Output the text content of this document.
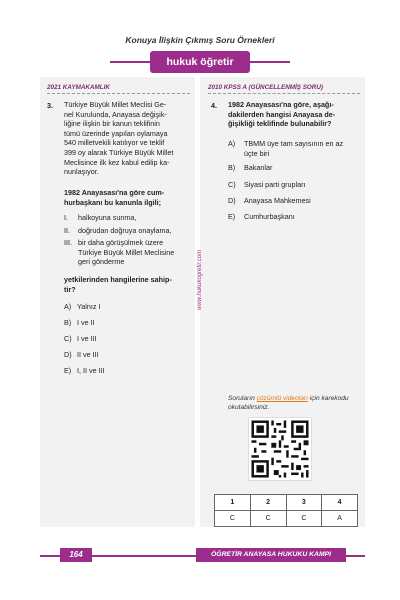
Konuya İlişkin Çıkmış Soru Örnekleri
hukuk öğretir
2021 KAYMAKAMLIK
3. Türkiye Büyük Millet Meclisi Ge-
nel Kurulunda, Anayasa değişik-
liğine ilişkin bir kanun teklifinin
tümü üzerinde yapılan oylamaya
540 milletvekili katılıyor ve teklif
399 oy alarak Türkiye Büyük Millet
Meclisince ilk kez kabul edilip ka-
nunlaşıyor.
1982 Anayasası'na göre cum-
hurbaşkanı bu kanunla ilgili;
I. halkoyuna sunma,
II. doğrudan doğruya onaylama,
III. bir daha görüşülmek üzere Türkiye Büyük Millet Meclisine geri gönderme
yetkilerinden hangilerine sahip-
tir?
A) Yalnız I
B) I ve II
C) I ve III
D) II ve III
E) I, II ve III
www.hukukogretir.com
2010 KPSS A (GÜNCELLENMİŞ SORU)
4. 1982 Anayasası'na göre, aşağı-
dakilerden hangisi Anayasa de-
ğişikliği teklifinde bulunabilir?
A)	TBMM üye tam sayısının en az üçte biri
B) Bakanlar
C) Siyasi parti grupları
D) Anayasa Mahkemesi
E) Cumhurbaşkanı
Soruların çözümlü videoları için karekodu okutabilirsiniz.
1	2	3	4
C	C	C	A
164	ÖĞRETİR ANAYASA HUKUKU KAMPI
